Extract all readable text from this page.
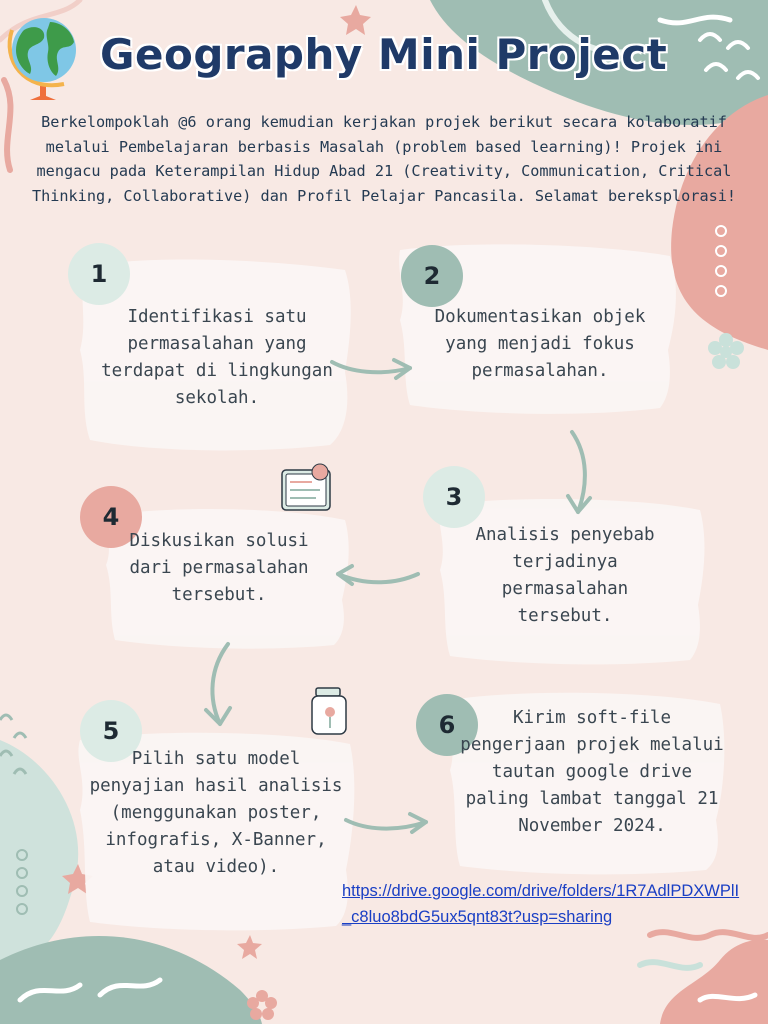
Geography Mini Project
Berkelompoklah @6 orang kemudian kerjakan projek berikut secara kolaboratif melalui Pembelajaran berbasis Masalah (problem based learning)! Projek ini mengacu pada Keterampilan Hidup Abad 21 (Creativity, Communication, Critical Thinking, Collaborative) dan Profil Pelajar Pancasila. Selamat bereksplorasi!
1	2
3
4
5	6
Identifikasi satu permasalahan yang terdapat di lingkungan sekolah.
Dokumentasikan objek yang menjadi fokus permasalahan.
Analisis penyebab terjadinya permasalahan tersebut.
Diskusikan solusi dari permasalahan tersebut.
Pilih satu model penyajian hasil analisis (menggunakan poster, infografis, X-Banner, atau video).
Kirim soft-file pengerjaan projek melalui tautan google drive paling lambat tanggal 21 November 2024.
https://drive.google.com/drive/folders/1R7AdlPDXWPlI_c8luo8bdG5ux5qnt83t?usp=sharing
